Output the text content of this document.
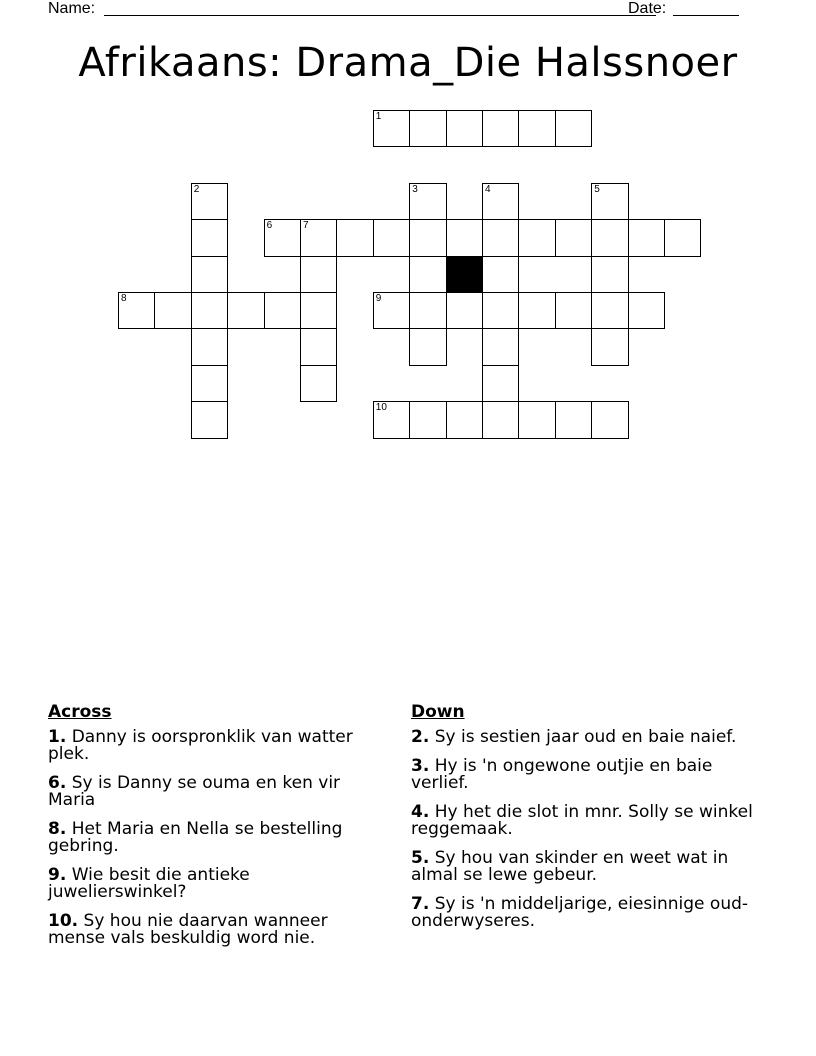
Name:	Date:
Afrikaans: Drama_Die Halssnoer
1
6	7
8	9
10
2	3	4	5
Across
1. Danny is oorspronklik van watter plek.
6. Sy is Danny se ouma en ken vir Maria
8. Het Maria en Nella se bestelling gebring.
9. Wie besit die antieke juwelierswinkel?
10. Sy hou nie daarvan wanneer mense vals beskuldig word nie.
Down
2. Sy is sestien jaar oud en baie naief.
3. Hy is 'n ongewone outjie en baie verlief.
4. Hy het die slot in mnr. Solly se winkel reggemaak.
5. Sy hou van skinder en weet wat in almal se lewe gebeur.
7. Sy is 'n middeljarige, eiesinnige oud-onderwyseres.
